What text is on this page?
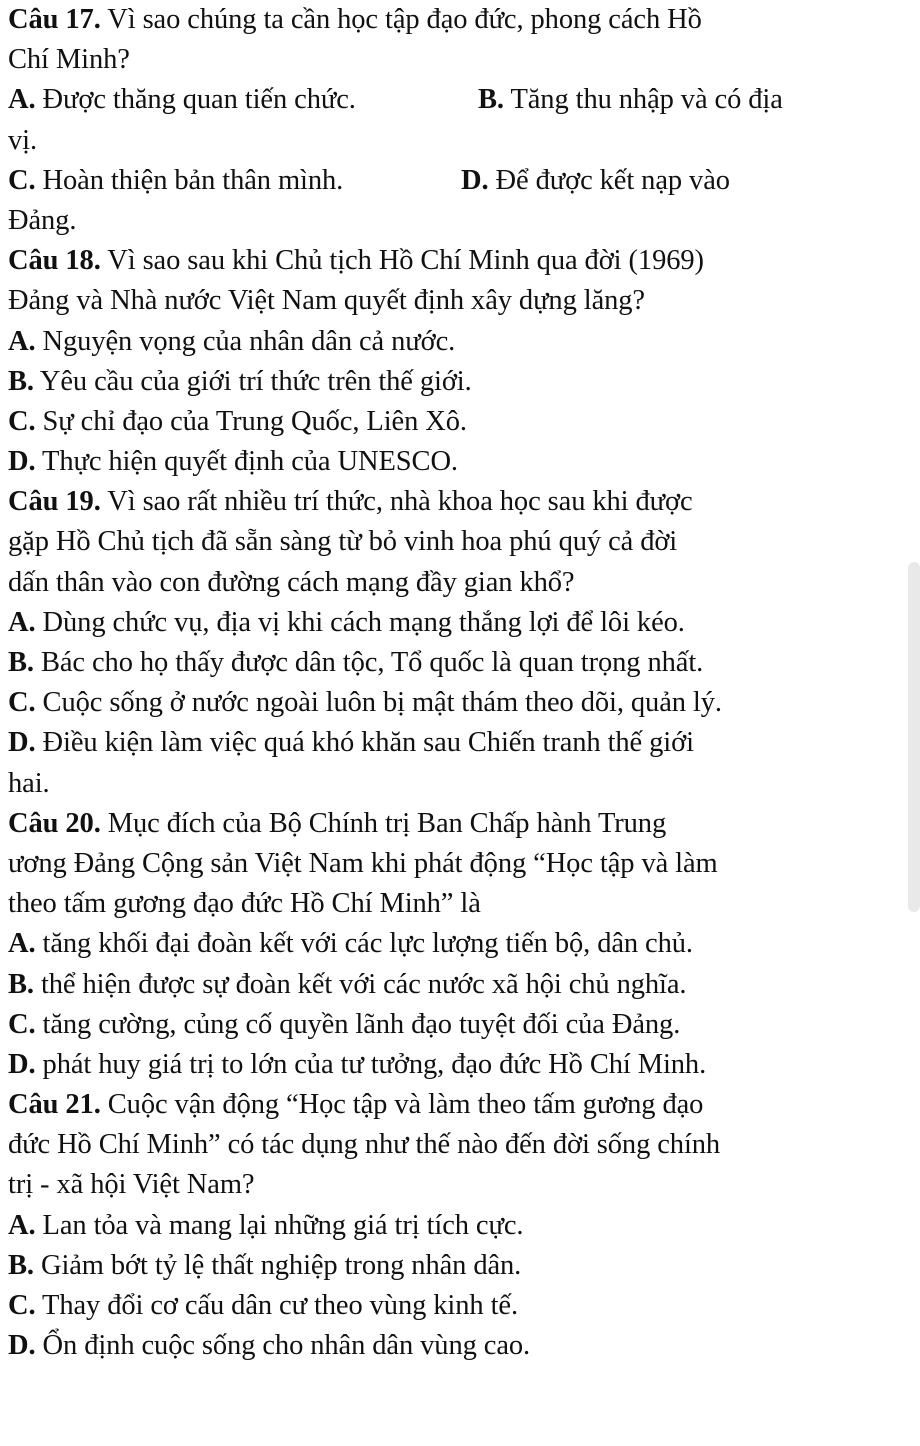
Câu 17. Vì sao chúng ta cần học tập đạo đức, phong cách Hồ
Chí Minh?
A. Được thăng quan tiến chức.	B. Tăng thu nhập và có địa
vị.
C. Hoàn thiện bản thân mình.	D. Để được kết nạp vào
Đảng.
Câu 18. Vì sao sau khi Chủ tịch Hồ Chí Minh qua đời (1969)
Đảng và Nhà nước Việt Nam quyết định xây dựng lăng?
A. Nguyện vọng của nhân dân cả nước.
B. Yêu cầu của giới trí thức trên thế giới.
C. Sự chỉ đạo của Trung Quốc, Liên Xô.
D. Thực hiện quyết định của UNESCO.
Câu 19. Vì sao rất nhiều trí thức, nhà khoa học sau khi được
gặp Hồ Chủ tịch đã sẵn sàng từ bỏ vinh hoa phú quý cả đời
dấn thân vào con đường cách mạng đầy gian khổ?
A. Dùng chức vụ, địa vị khi cách mạng thắng lợi để lôi kéo.
B. Bác cho họ thấy được dân tộc, Tổ quốc là quan trọng nhất.
C. Cuộc sống ở nước ngoài luôn bị mật thám theo dõi, quản lý.
D. Điều kiện làm việc quá khó khăn sau Chiến tranh thế giới
hai.
Câu 20. Mục đích của Bộ Chính trị Ban Chấp hành Trung
ương Đảng Cộng sản Việt Nam khi phát động “Học tập và làm
theo tấm gương đạo đức Hồ Chí Minh” là
A. tăng khối đại đoàn kết với các lực lượng tiến bộ, dân chủ.
B. thể hiện được sự đoàn kết với các nước xã hội chủ nghĩa.
C. tăng cường, củng cố quyền lãnh đạo tuyệt đối của Đảng.
D. phát huy giá trị to lớn của tư tưởng, đạo đức Hồ Chí Minh.
Câu 21. Cuộc vận động “Học tập và làm theo tấm gương đạo
đức Hồ Chí Minh” có tác dụng như thế nào đến đời sống chính
trị - xã hội Việt Nam?
A. Lan tỏa và mang lại những giá trị tích cực.
B. Giảm bớt tỷ lệ thất nghiệp trong nhân dân.
C. Thay đổi cơ cấu dân cư theo vùng kinh tế.
D. Ổn định cuộc sống cho nhân dân vùng cao.
